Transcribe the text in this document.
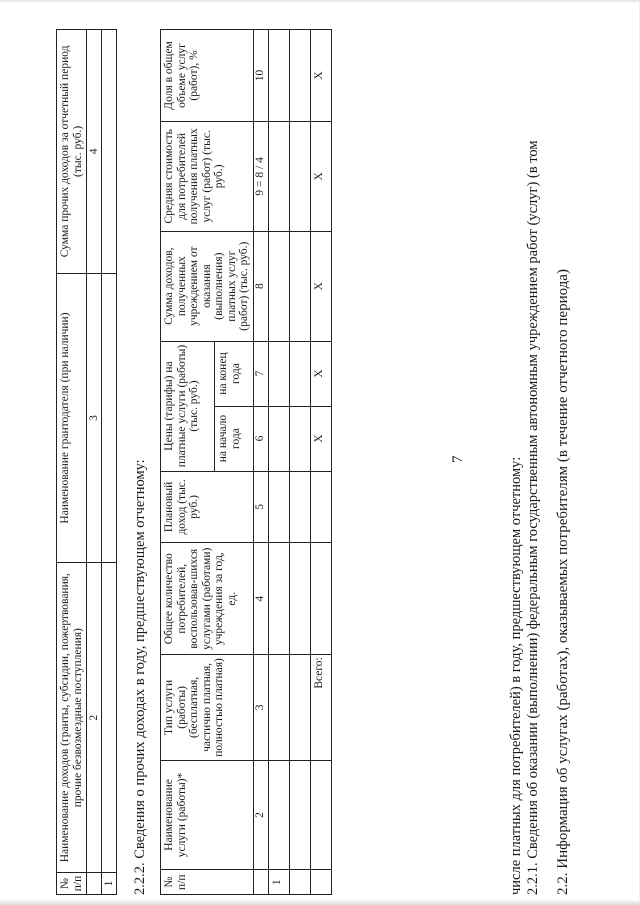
7	2.2. Информация об услугах (работах), оказываемых потребителям (в течение отчетного периода)
2.2.1. Сведения об оказании (выполнении) федеральным государственным автономным учреждением работ (услуг) (в том
числе платных для потребителей) в году, предшествующем отчетному:
№ п/п	Наименование услуги (работы)*	Тип услуги (работы) (бесплатная, частично платная, полностью платная)	Общее количество потребителей, воспользовав-шихся услугами (работами) учреждения за год, ед.	Плановый доход (тыс. руб.)	Цены (тарифы) на платные услуги (работы) (тыс. руб.)		Сумма доходов, полученных учреждением от оказания (выполнения) платных услуг (работ) (тыс. руб.)	Средняя стоимость для потребителей получения платных услуг (работ) (тыс. руб.)	Доля в общем объеме услуг (работ), %
					на начало года	на конец года			
	2	3	4	5	6	7	8	9 = 8 / 4	10
1									

		Всего:			X	X	X	X	X
2.2.2. Сведения о прочих доходах в году, предшествующем отчетному:
№ п/п	Наименование доходов (гранты, субсидии, пожертвования, прочие безвозмездные поступления)	Наименование грантодателя (при наличии)	Сумма прочих доходов за отчетный период (тыс. руб.)
	2	3	4
1			
